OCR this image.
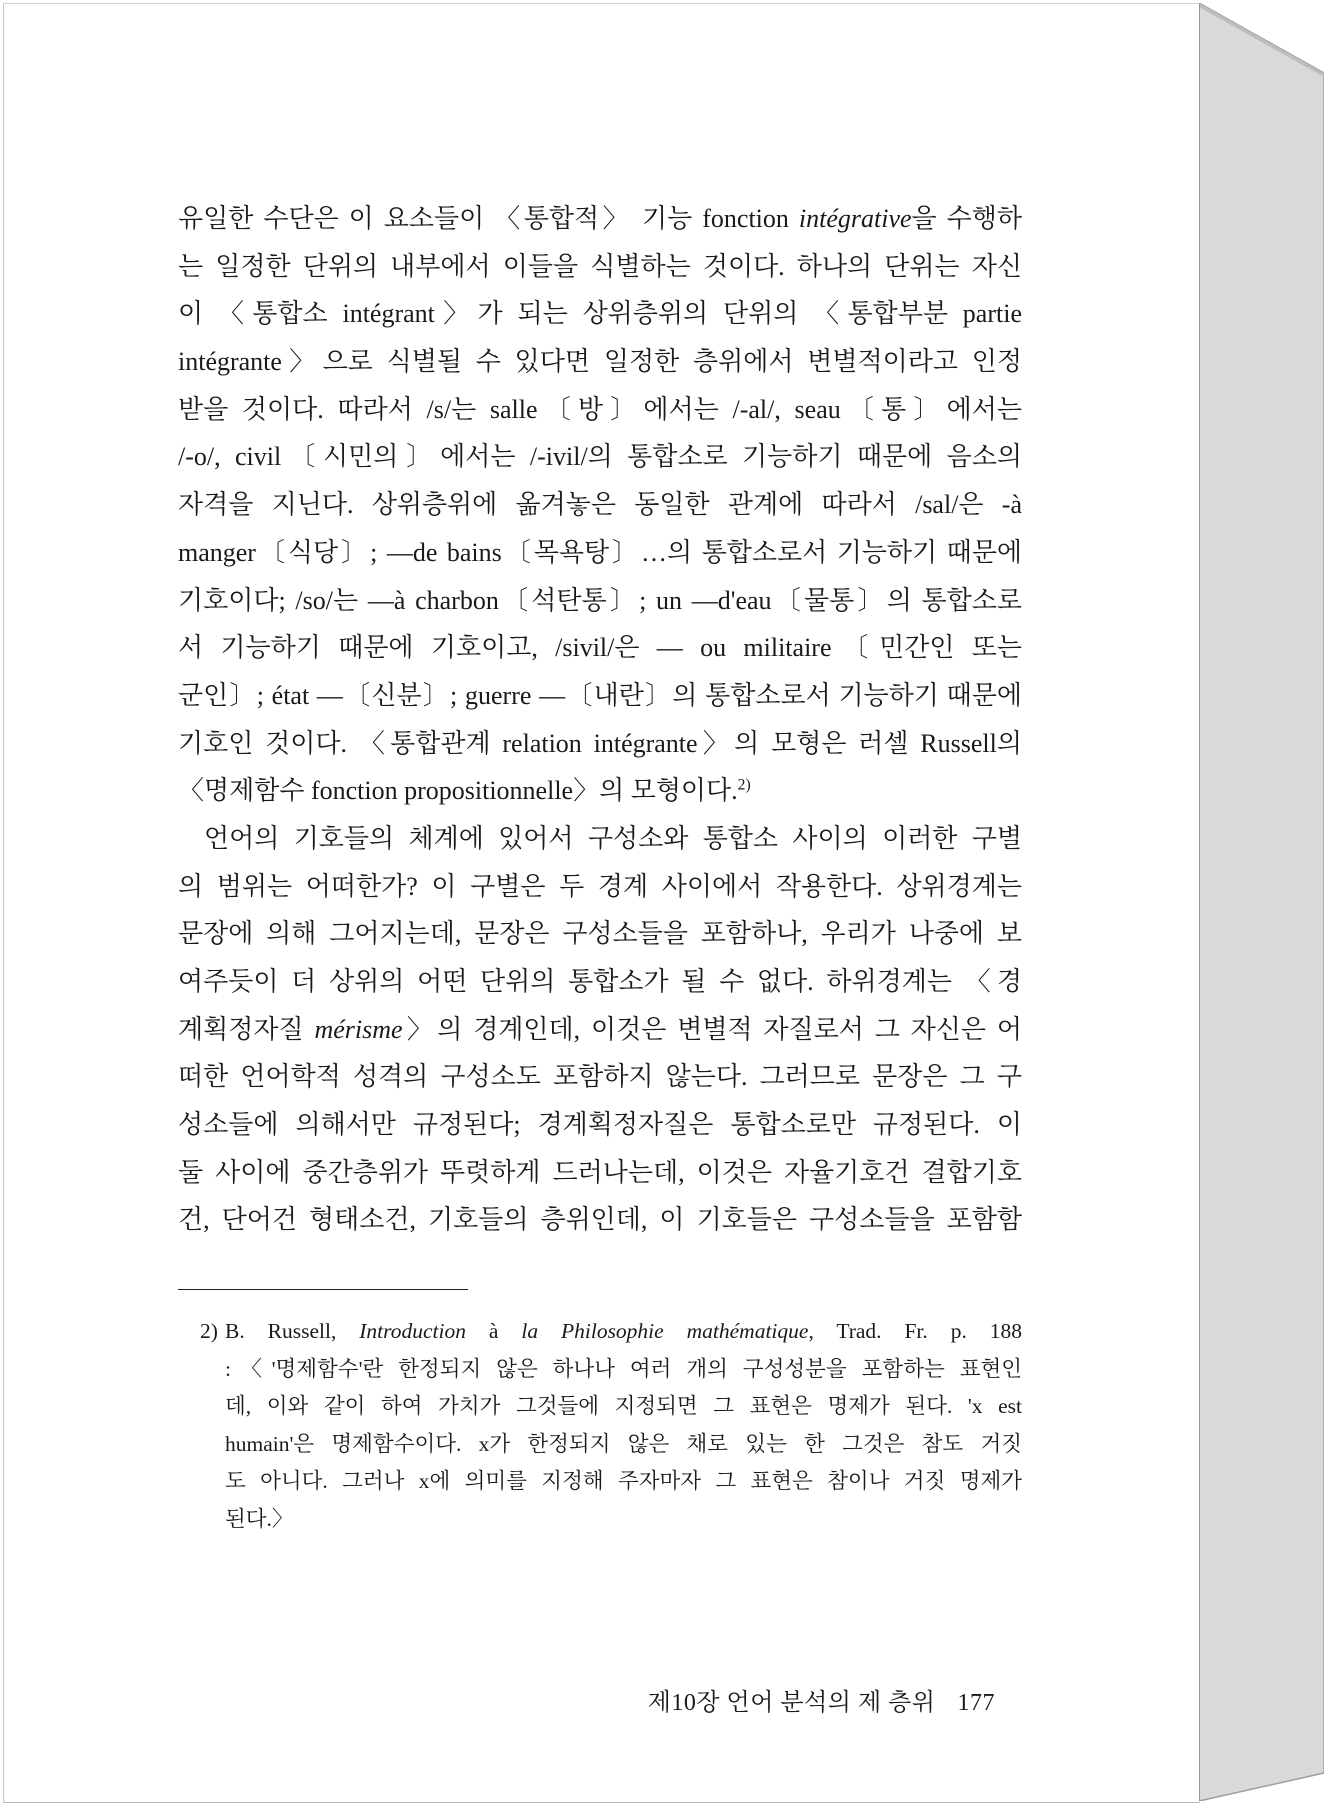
유일한 수단은 이 요소들이 〈통합적〉 기능 fonction intégrative을 수행하
는 일정한 단위의 내부에서 이들을 식별하는 것이다. 하나의 단위는 자신
이 〈통합소 intégrant〉가 되는 상위층위의 단위의 〈통합부분 partie
intégrante〉으로 식별될 수 있다면 일정한 층위에서 변별적이라고 인정
받을 것이다. 따라서 /s/는 salle〔방〕에서는 /-al/, seau〔통〕에서는
/-o/, civil〔시민의〕에서는 /-ivil/의 통합소로 기능하기 때문에 음소의
자격을 지닌다. 상위층위에 옮겨놓은 동일한 관계에 따라서 /sal/은 -à
manger〔식당〕; —de bains〔목욕탕〕…의 통합소로서 기능하기 때문에
기호이다; /so/는 —à charbon〔석탄통〕; un —d'eau〔물통〕의 통합소로
서 기능하기 때문에 기호이고, /sivil/은 — ou militaire〔민간인 또는
군인〕; état —〔신분〕; guerre —〔내란〕의 통합소로서 기능하기 때문에
기호인 것이다. 〈통합관계 relation intégrante〉의 모형은 러셀 Russell의
〈명제함수 fonction propositionnelle〉의 모형이다.$^{2)}$
언어의 기호들의 체계에 있어서 구성소와 통합소 사이의 이러한 구별
의 범위는 어떠한가? 이 구별은 두 경계 사이에서 작용한다. 상위경계는
문장에 의해 그어지는데, 문장은 구성소들을 포함하나, 우리가 나중에 보
여주듯이 더 상위의 어떤 단위의 통합소가 될 수 없다. 하위경계는 〈경
계획정자질 mérisme〉의 경계인데, 이것은 변별적 자질로서 그 자신은 어
떠한 언어학적 성격의 구성소도 포함하지 않는다. 그러므로 문장은 그 구
성소들에 의해서만 규정된다; 경계획정자질은 통합소로만 규정된다. 이
둘 사이에 중간층위가 뚜렷하게 드러나는데, 이것은 자율기호건 결합기호
건, 단어건 형태소건, 기호들의 층위인데, 이 기호들은 구성소들을 포함함
2) B. Russell, Introduction à la Philosophie mathématique, Trad. Fr. p. 188
:〈'명제함수'란 한정되지 않은 하나나 여러 개의 구성성분을 포함하는 표현인
데, 이와 같이 하여 가치가 그것들에 지정되면 그 표현은 명제가 된다. 'x est
humain'은 명제함수이다. x가 한정되지 않은 채로 있는 한 그것은 참도 거짓
도 아니다. 그러나 x에 의미를 지정해 주자마자 그 표현은 참이나 거짓 명제가
된다.〉
제10장 언어 분석의 제 층위 177
